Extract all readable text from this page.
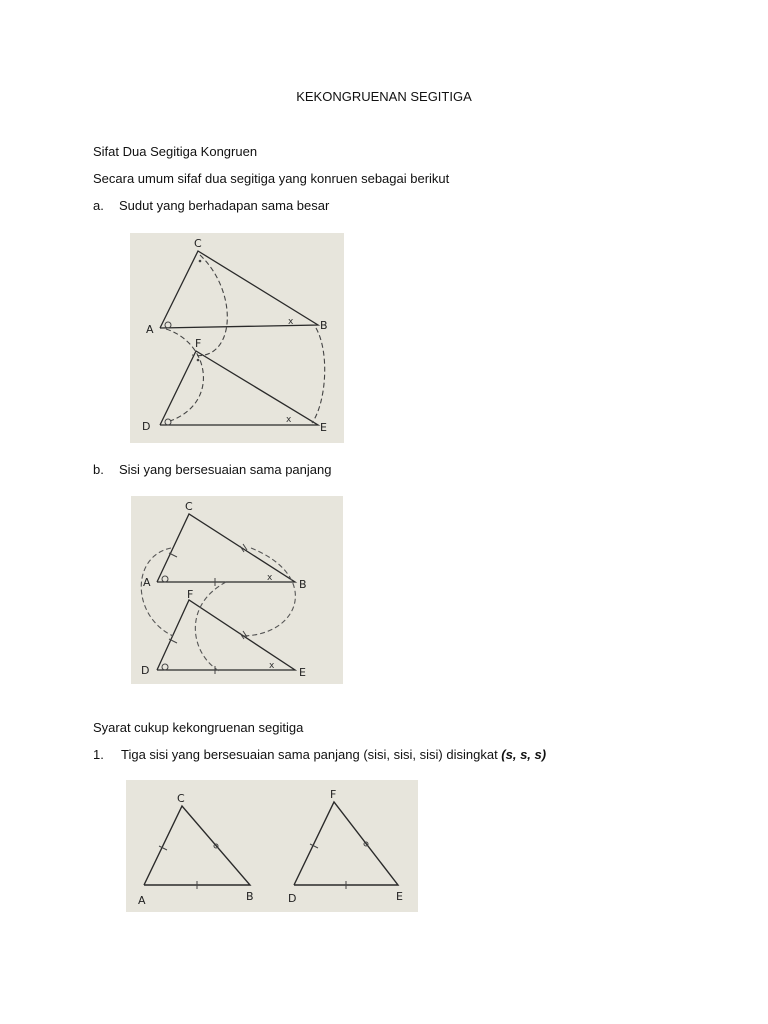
KEKONGRUENAN SEGITIGA
Sifat Dua Segitiga Kongruen
Secara umum sifaf dua segitiga yang konruen sebagai berikut
a. Sudut yang berhadapan sama besar
x
x
A	B
C
D	E
F
b. Sisi yang bersesuaian sama panjang
x
x
A	B
C
D	E
F
Syarat cukup kekongruenan segitiga
1. Tiga sisi yang bersesuaian sama panjang (sisi, sisi, sisi) disingkat (s, s, s)
A	B
C
D	E
F
